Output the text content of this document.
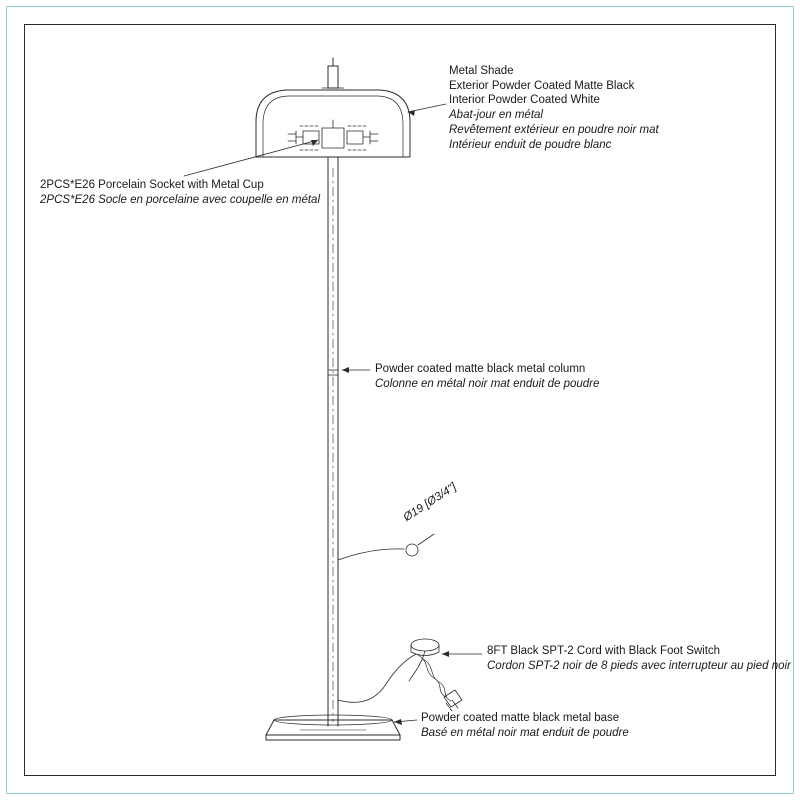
Metal Shade
Exterior Powder Coated Matte Black
Interior Powder Coated White
Abat-jour en métal
Revêtement extérieur en poudre noir mat
Intérieur enduit de poudre blanc
2PCS*E26 Porcelain Socket with Metal Cup
2PCS*E26 Socle en porcelaine avec coupelle en métal
Powder coated matte black metal column
Colonne en métal noir mat enduit de poudre
8FT Black SPT-2 Cord with Black Foot Switch
Cordon SPT-2 noir de 8 pieds avec interrupteur au pied noir
Powder coated matte black metal base
Basé en métal noir mat enduit de poudre
Ø19 [Ø3/4"]
